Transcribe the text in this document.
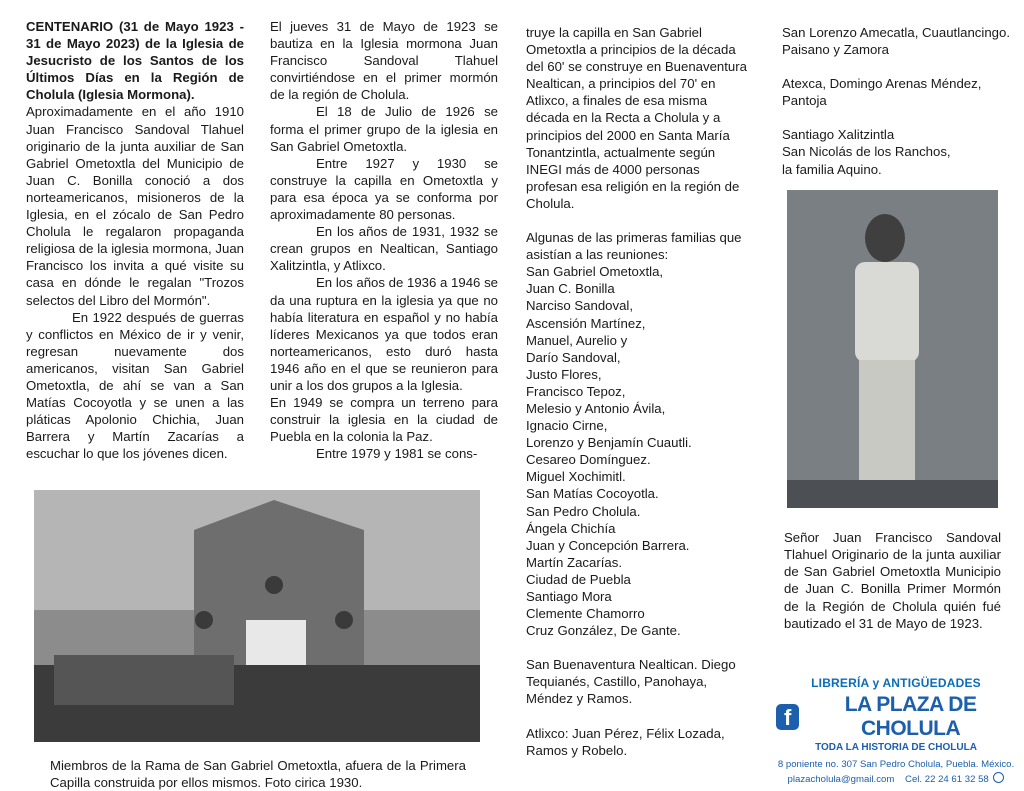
CENTENARIO (31 de Mayo 1923 - 31 de Mayo 2023) de la Iglesia de Jesucristo de los Santos de los Últimos Días en la Región de Cholula (Iglesia Mormona).

Aproximadamente en el año 1910 Juan Francisco Sandoval Tlahuel originario de la junta auxiliar de San Gabriel Ometoxtla del Municipio de Juan C. Bonilla conoció a dos norteamericanos, misioneros de la Iglesia, en el zócalo de San Pedro Cholula le regalaron propaganda religiosa de la iglesia mormona, Juan Francisco los invita a qué visite su casa en dónde le regalan "Trozos selectos del Libro del Mormón".

En 1922 después de guerras y conflictos en México de ir y venir, regresan nuevamente dos americanos, visitan San Gabriel Ometoxtla, de ahí se van a San Matías Cocoyotla y se unen a las pláticas Apolonio Chichia, Juan Barrera y Martín Zacarías a escuchar lo que los jóvenes dicen.

El jueves 31 de Mayo de 1923 se bautiza en la Iglesia mormona Juan Francisco Sandoval Tlahuel convirtiéndose en el primer mormón de la región de Cholula.

El 18 de Julio de 1926 se forma el primer grupo de la iglesia en San Gabriel Ometoxtla.

Entre 1927 y 1930 se construye la capilla en Ometoxtla y para esa época ya se conforma por aproximadamente 80 personas.

En los años de 1931, 1932 se crean grupos en Nealtican, Santiago Xalitzintla, y Atlixco.

En los años de 1936 a 1946 se da una ruptura en la iglesia ya que no había literatura en español y no había líderes Mexicanos ya que todos eran norteamericanos, esto duró hasta 1946 año en el que se reunieron para unir a los dos grupos a la Iglesia.

En 1949 se compra un terreno para construir la iglesia en la ciudad de Puebla en la colonia la Paz.

Entre 1979 y 1981 se cons-

truye la capilla en San Gabriel Ometoxtla a principios de la década del 60' se construye en Buenaventura Nealtican, a principios del 70' en Atlixco, a finales de esa misma década en la Recta a Cholula y a principios del 2000 en Santa María Tonantzintla, actualmente según INEGI más de 4000 personas profesan esa religión en la región de Cholula.

Algunas de las primeras familias que asistían a las reuniones:

San Gabriel Ometoxtla,

Juan C. Bonilla

Narciso Sandoval,

Ascensión Martínez,

Manuel, Aurelio y

Darío Sandoval,

Justo Flores,

Francisco Tepoz,

Melesio y Antonio Ávila,

Ignacio Cirne,

Lorenzo y Benjamín Cuautli.

Cesareo Domínguez.

Miguel Xochimitl.

San Matías Cocoyotla.

San Pedro Cholula.

Ángela Chichía

Juan y Concepción Barrera.

Martín Zacarías.

Ciudad de Puebla

Santiago Mora

Clemente Chamorro

Cruz González, De Gante.

San Buenaventura Nealtican. Diego Tequianés, Castillo, Panohaya, Méndez y Ramos.

Atlixco: Juan Pérez, Félix Lozada, Ramos y Robelo.

San Lorenzo Amecatla, Cuautlancingo. Paisano y Zamora

Atexca, Domingo Arenas Méndez, Pantoja

Santiago Xalitzintla

San Nicolás de los Ranchos,

la familia Aquino.

Miembros de la Rama de San Gabriel Ometoxtla, afuera de la Primera Capilla construida por ellos mismos. Foto cirica 1930.

Señor Juan Francisco Sandoval Tlahuel Originario de la junta auxiliar de San Gabriel Ometoxtla Municipio de Juan C. Bonilla Primer Mormón de la Región de Cholula quién fué bautizado el 31 de Mayo de 1923.

LIBRERÍA y ANTIGÜEDADES
f
LA PLAZA DE CHOLULA
TODA LA HISTORIA DE CHOLULA
8 poniente no. 307 San Pedro Cholula, Puebla. México.
plazacholula@gmail.com Cel. 22 24 61 32 58
